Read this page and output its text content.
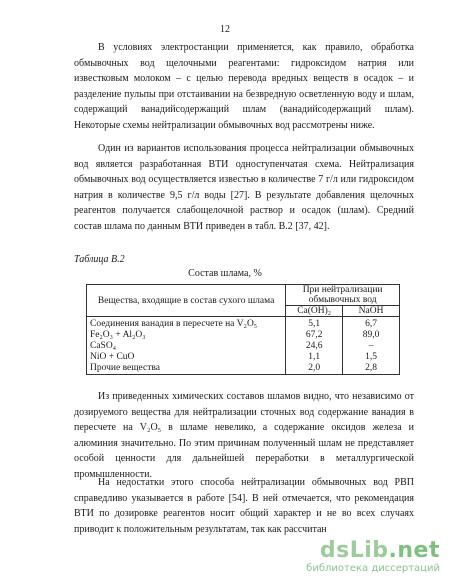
12

В условиях электростанции применяется, как правило, обработка обмывочных вод щелочными реагентами: гидроксидом натрия или известковым молоком – с целью перевода вредных веществ в осадок – и разделение пульпы при отстаивании на безвредную осветленную воду и шлам, содержащий ванадийсодержащий шлам (ванадийсодержащий шлам). Некоторые схемы нейтрализации обмывочных вод рассмотрены ниже.

Один из вариантов использования процесса нейтрализации обмывочных вод является разработанная ВТИ одноступенчатая схема. Нейтрализация обмывочных вод осуществляется известью в количестве 7 г/л или гидроксидом натрия в количестве 9,5 г/л воды [27]. В результате добавления щелочных реагентов получается слабощелочной раствор и осадок (шлам). Средний состав шлама по данным ВТИ приведен в табл. В.2 [37, 42].

Таблица В.2
Состав шлама, %
Вещества, входящие в состав сухого шлама	При нейтрализации обмывочных вод	
	Ca(OH)₂	NaOH
Соединения ванадия в пересчете на V₂O₅	5,1	6,7
Fe₂O₃ + Al₂O₃	67,2	89,0
CaSO₄	24,6	–
NiO + CuO	1,1	1,5
Прочие вещества	2,0	2,8

Из приведенных химических составов шламов видно, что независимо от дозируемого вещества для нейтрализации сточных вод содержание ванадия в пересчете на V₂O₅ в шламе невелико, а содержание оксидов железа и алюминия значительно. По этим причинам полученный шлам не представляет особой ценности для дальнейшей переработки в металлургической промышленности.

На недостатки этого способа нейтрализации обмывочных вод РВП справедливо указывается в работе [54]. В ней отмечается, что рекомендация ВТИ по дозировке реагентов носит общий характер и не во всех случаях приводит к положительным результатам, так как рассчитан

dsLib.net
библиотека диссертаций
